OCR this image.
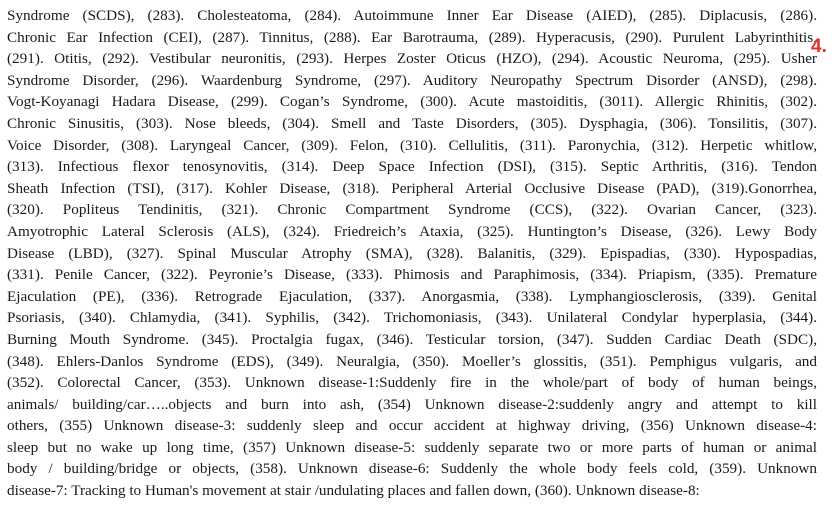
Syndrome (SCDS), (283). Cholesteatoma, (284). Autoimmune Inner Ear Disease (AIED), (285). Diplacusis, (286).
Chronic Ear Infection (CEI), (287). Tinnitus, (288). Ear Barotrauma, (289). Hyperacusis, (290). Purulent Labyrinthitis,
(291). Otitis, (292). Vestibular neuronitis, (293). Herpes Zoster Oticus (HZO), (294). Acoustic Neuroma, (295). Usher
Syndrome Disorder, (296). Waardenburg Syndrome, (297). Auditory Neuropathy Spectrum Disorder (ANSD), (298).
Vogt-Koyanagi Hadara Disease, (299). Cogan’s Syndrome, (300). Acute mastoiditis, (3011). Allergic Rhinitis, (302).
Chronic Sinusitis, (303). Nose bleeds, (304). Smell and Taste Disorders, (305). Dysphagia, (306). Tonsilitis, (307).
Voice Disorder, (308). Laryngeal Cancer, (309). Felon, (310). Cellulitis, (311). Paronychia, (312). Herpetic whitlow,
(313). Infectious flexor tenosynovitis, (314). Deep Space Infection (DSI), (315). Septic Arthritis, (316). Tendon
Sheath Infection (TSI), (317). Kohler Disease, (318). Peripheral Arterial Occlusive Disease (PAD), (319).Gonorrhea,
(320). Popliteus Tendinitis, (321). Chronic Compartment Syndrome (CCS), (322). Ovarian Cancer, (323).
Amyotrophic Lateral Sclerosis (ALS), (324). Friedreich’s Ataxia, (325). Huntington’s Disease, (326). Lewy Body
Disease (LBD), (327). Spinal Muscular Atrophy (SMA), (328). Balanitis, (329). Epispadias, (330). Hypospadias,
(331). Penile Cancer, (322). Peyronie’s Disease, (333). Phimosis and Paraphimosis, (334). Priapism, (335). Premature
Ejaculation (PE), (336). Retrograde Ejaculation, (337). Anorgasmia, (338). Lymphangiosclerosis, (339). Genital
Psoriasis, (340). Chlamydia, (341). Syphilis, (342). Trichomoniasis, (343). Unilateral Condylar hyperplasia, (344).
Burning Mouth Syndrome. (345). Proctalgia fugax, (346). Testicular torsion, (347). Sudden Cardiac Death (SDC),
(348). Ehlers-Danlos Syndrome (EDS), (349). Neuralgia, (350). Moeller’s glossitis, (351). Pemphigus vulgaris, and
(352). Colorectal Cancer, (353). Unknown disease-1:Suddenly fire in the whole/part of body of human beings,
animals/ building/car…..objects and burn into ash, (354) Unknown disease-2:suddenly angry and attempt to kill
others, (355) Unknown disease-3: suddenly sleep and occur accident at highway driving, (356) Unknown disease-4:
sleep but no wake up long time, (357) Unknown disease-5: suddenly separate two or more parts of human or animal
body / building/bridge or objects, (358). Unknown disease-6: Suddenly the whole body feels cold, (359). Unknown
disease-7: Tracking to Human's movement at stair /undulating places and fallen down, (360). Unknown disease-8:
4.
